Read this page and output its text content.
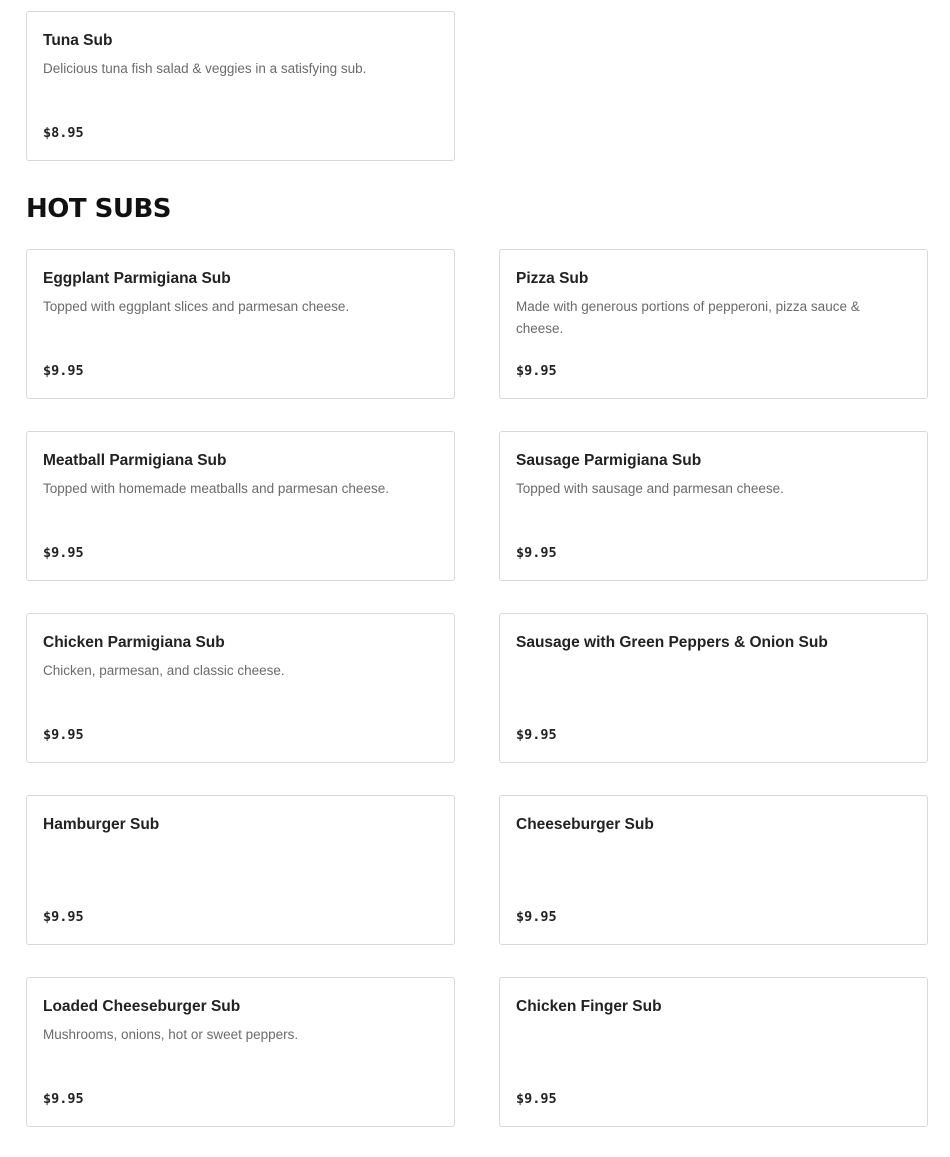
Tuna Sub
Delicious tuna fish salad & veggies in a satisfying sub.
$8.95
HOT SUBS
Eggplant Parmigiana Sub
Topped with eggplant slices and parmesan cheese.
$9.95
Pizza Sub
Made with generous portions of pepperoni, pizza sauce & cheese.
$9.95
Meatball Parmigiana Sub
Topped with homemade meatballs and parmesan cheese.
$9.95
Sausage Parmigiana Sub
Topped with sausage and parmesan cheese.
$9.95
Chicken Parmigiana Sub
Chicken, parmesan, and classic cheese.
$9.95
Sausage with Green Peppers & Onion Sub
$9.95
Hamburger Sub
$9.95
Cheeseburger Sub
$9.95
Loaded Cheeseburger Sub
Mushrooms, onions, hot or sweet peppers.
$9.95
Chicken Finger Sub
$9.95
